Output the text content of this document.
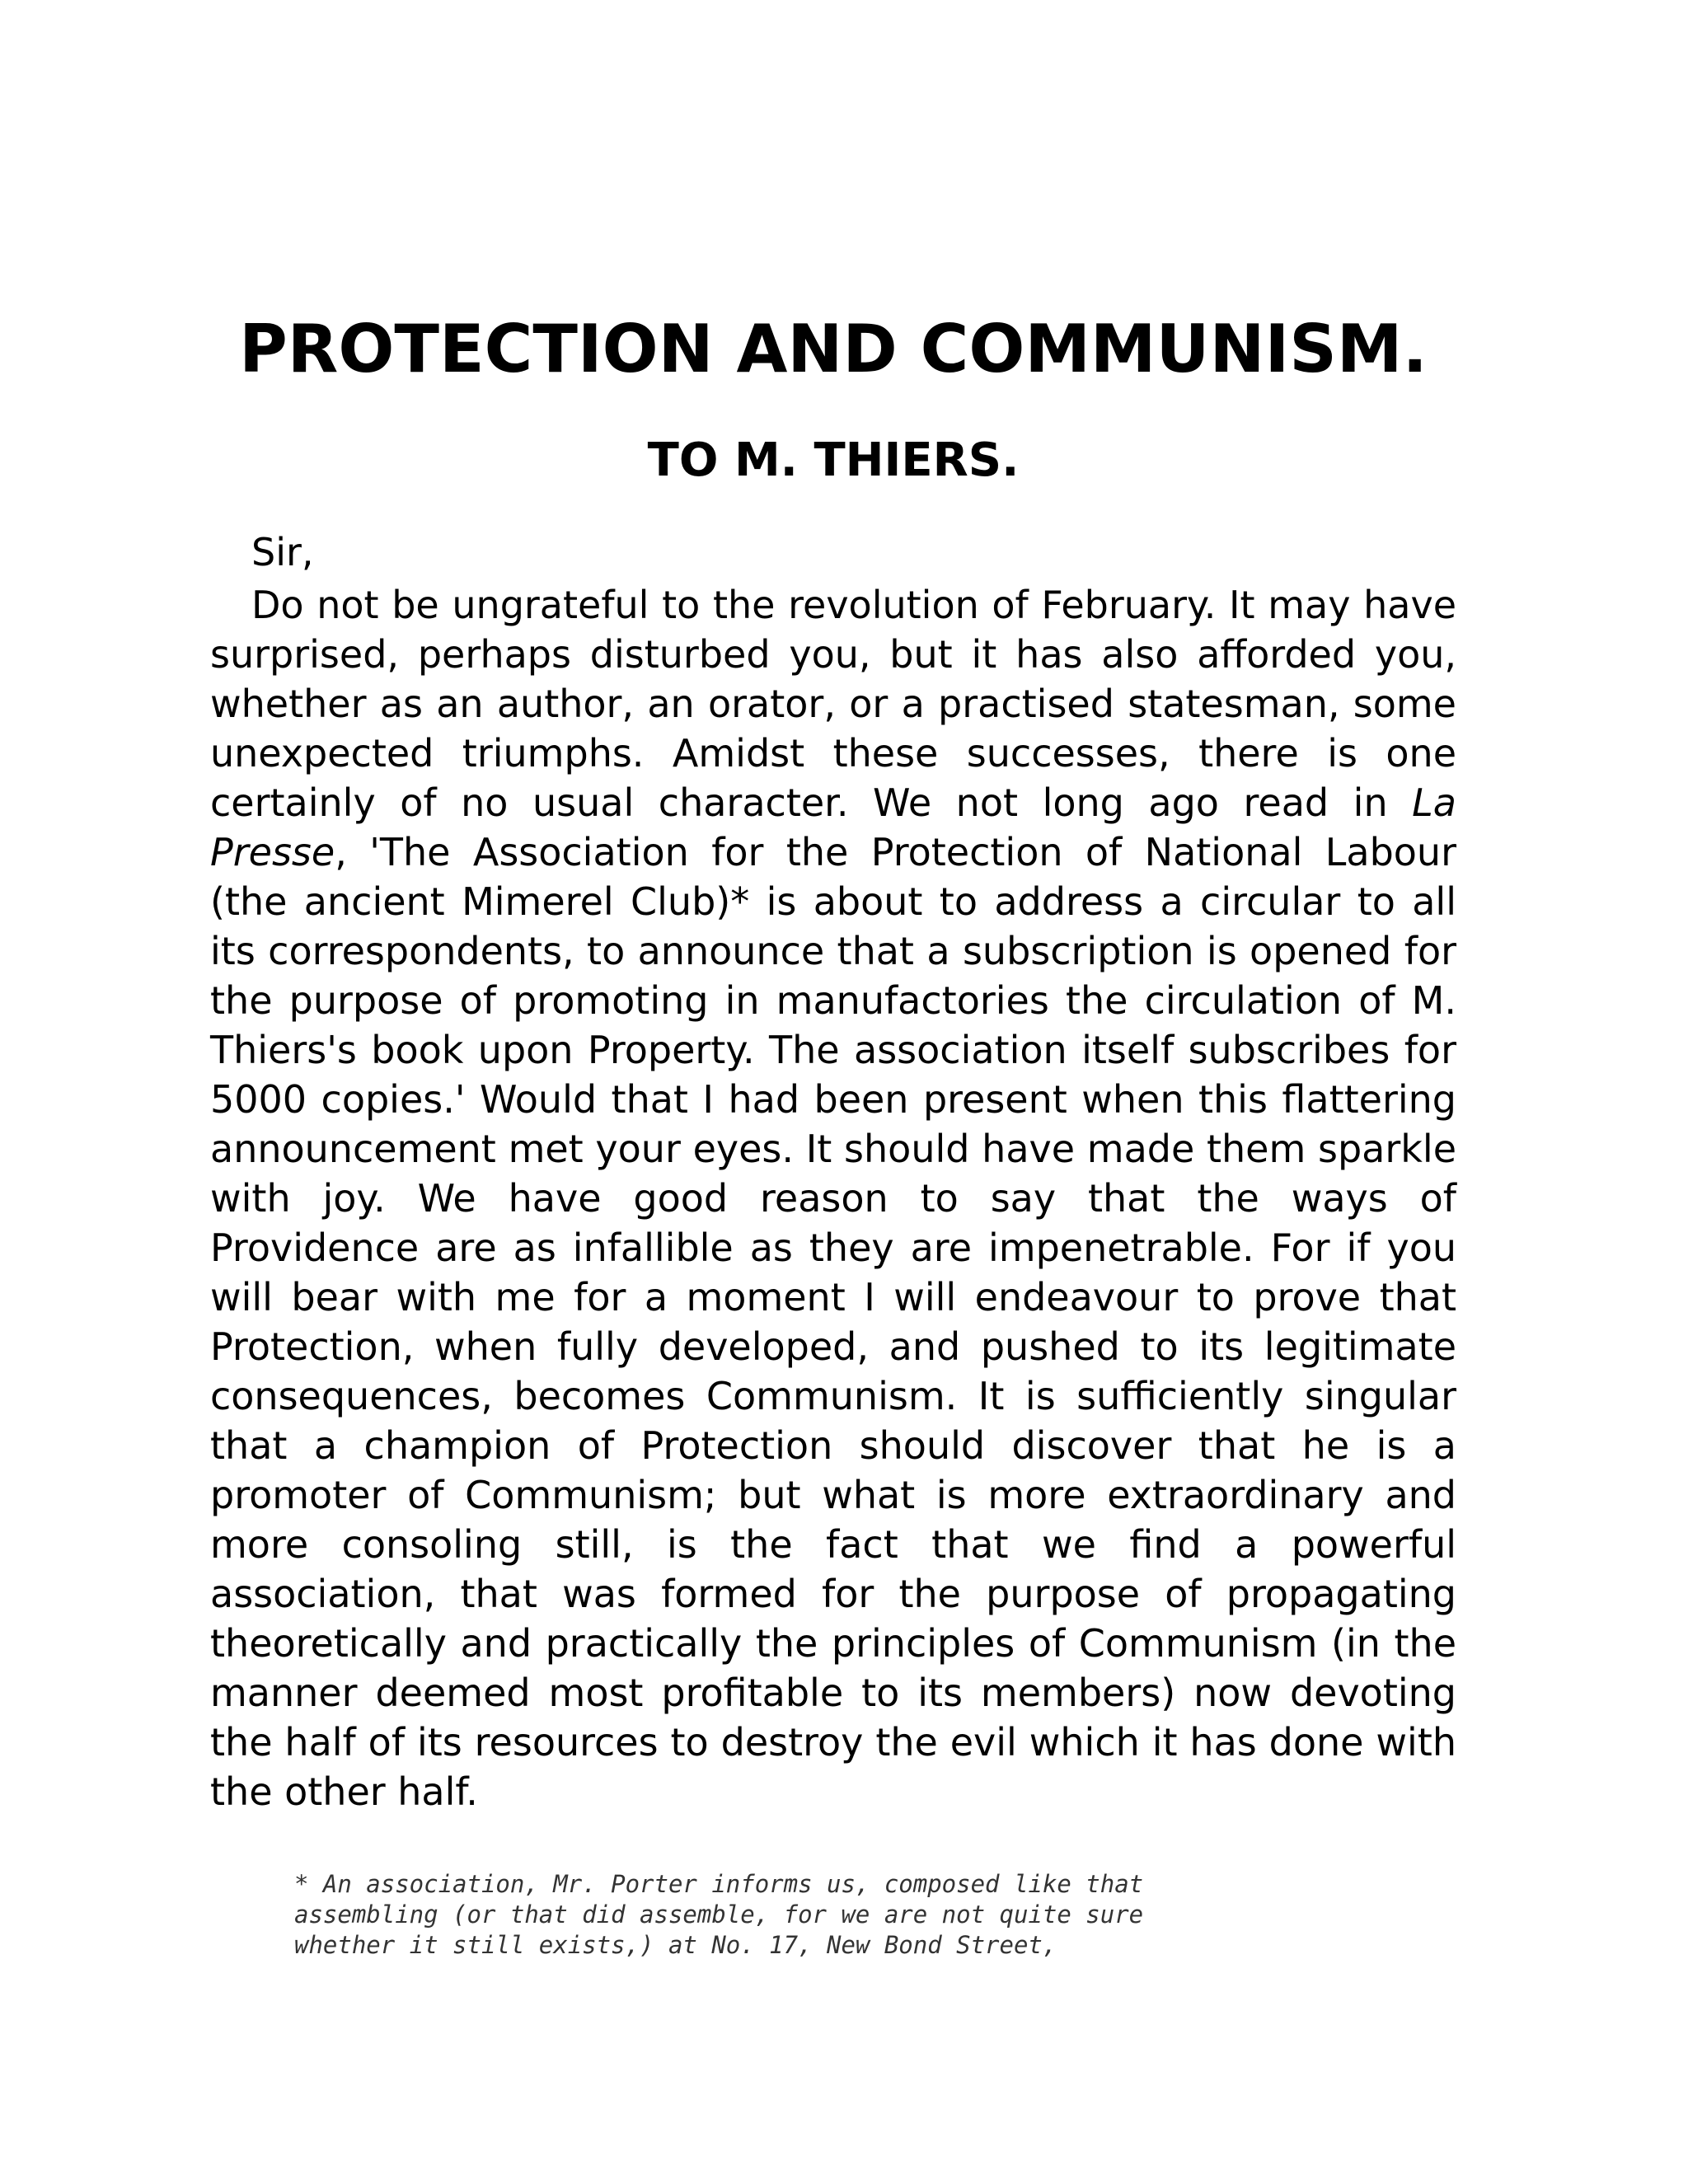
PROTECTION AND COMMUNISM.
TO M. THIERS.

Sir,

Do not be ungrateful to the revolution of February. It may have surprised, perhaps disturbed you, but it has also afforded you, whether as an author, an orator, or a practised statesman, some unexpected triumphs. Amidst these successes, there is one certainly of no usual character. We not long ago read in La Presse, 'The Association for the Protection of National Labour (the ancient Mimerel Club)* is about to address a circular to all its correspondents, to announce that a subscription is opened for the purpose of promoting in manufactories the circulation of M. Thiers's book upon Property. The association itself subscribes for 5000 copies.' Would that I had been present when this flattering announcement met your eyes. It should have made them sparkle with joy. We have good reason to say that the ways of Providence are as infallible as they are impenetrable. For if you will bear with me for a moment I will endeavour to prove that Protection, when fully developed, and pushed to its legitimate consequences, becomes Communism. It is sufficiently singular that a champion of Protection should discover that he is a promoter of Communism; but what is more extraordinary and more consoling still, is the fact that we find a powerful association, that was formed for the purpose of propagating theoretically and practically the principles of Communism (in the manner deemed most profitable to its members) now devoting the half of its resources to destroy the evil which it has done with the other half.

* An association, Mr. Porter informs us, composed like that
assembling (or that did assemble, for we are not quite sure
whether it still exists,) at No. 17, New Bond Street,
